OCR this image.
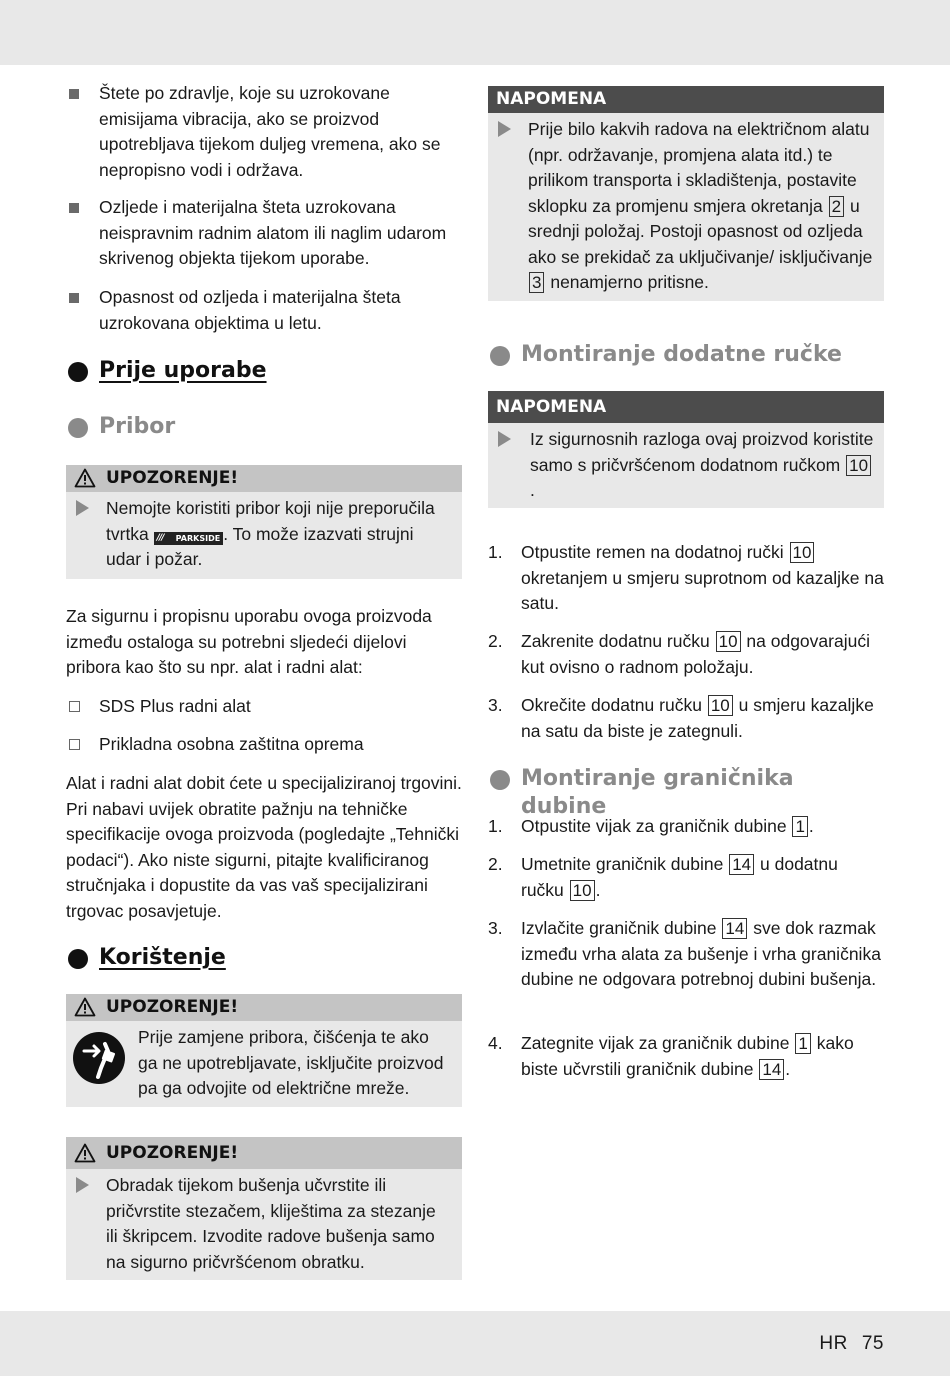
Štete po zdravlje, koje su uzrokovane emisijama vibracija, ako se proizvod upotrebljava tijekom duljeg vremena, ako se nepropisno vodi i održava.
Ozljede i materijalna šteta uzrokovana neispravnim radnim alatom ili naglim udarom skrivenog objekta tijekom uporabe.
Opasnost od ozljeda i materijalna šteta uzrokovana objektima u letu.
Prije uporabe
Pribor
UPOZORENJE!
Nemojte koristiti pribor koji nije preporučila tvrtka ///	PARKSIDE . To može izazvati strujni udar i požar.
Za sigurnu i propisnu uporabu ovoga proizvoda između ostaloga su potrebni sljedeći dijelovi pribora kao što su npr. alat i radni alat:
SDS Plus radni alat
Prikladna osobna zaštitna oprema
Alat i radni alat dobit ćete u specijaliziranoj trgovini. Pri nabavi uvijek obratite pažnju na tehničke specifikacije ovoga proizvoda (pogledajte „Tehnički podaci“). Ako niste sigurni, pitajte kvalificiranog stručnjaka i dopustite da vas vaš specijalizirani trgovac posavjetuje.
Korištenje
UPOZORENJE!
Prije zamjene pribora, čišćenja te ako ga ne upotrebljavate, isključite proizvod pa ga odvojite od električne mreže.
UPOZORENJE!
Obradak tijekom bušenja učvrstite ili pričvrstite stezačem, kliještima za stezanje ili škripcem. Izvodite radove bušenja samo na sigurno pričvršćenom obratku.
NAPOMENA
Prije bilo kakvih radova na električnom alatu (npr. održavanje, promjena alata itd.) te prilikom transporta i skladištenja, postavite sklopku za promjenu smjera okretanja 2 u srednji položaj. Postoji opasnost od ozljeda ako se prekidač za uključivanje/ isključivanje 3 nenamjerno pritisne.
Montiranje dodatne ručke
NAPOMENA
Iz sigurnosnih razloga ovaj proizvod koristite samo s pričvršćenom dodatnom ručkom 10.
1. Otpustite remen na dodatnoj ručki 10 okretanjem u smjeru suprotnom od kazaljke na satu.
2. Zakrenite dodatnu ručku 10 na odgovarajući kut ovisno o radnom položaju.
3. Okrečite dodatnu ručku 10 u smjeru kazaljke na satu da biste je zategnuli.
Montiranje graničnika dubine
1. Otpustite vijak za graničnik dubine 1 .
2. Umetnite graničnik dubine 14 u dodatnu ručku 10 .
3. Izvlačite graničnik dubine 14 sve dok razmak između vrha alata za bušenje i vrha graničnika dubine ne odgovara potrebnoj dubini bušenja.
4. Zategnite vijak za graničnik dubine 1 kako biste učvrstili graničnik dubine 14 .
HR 75
